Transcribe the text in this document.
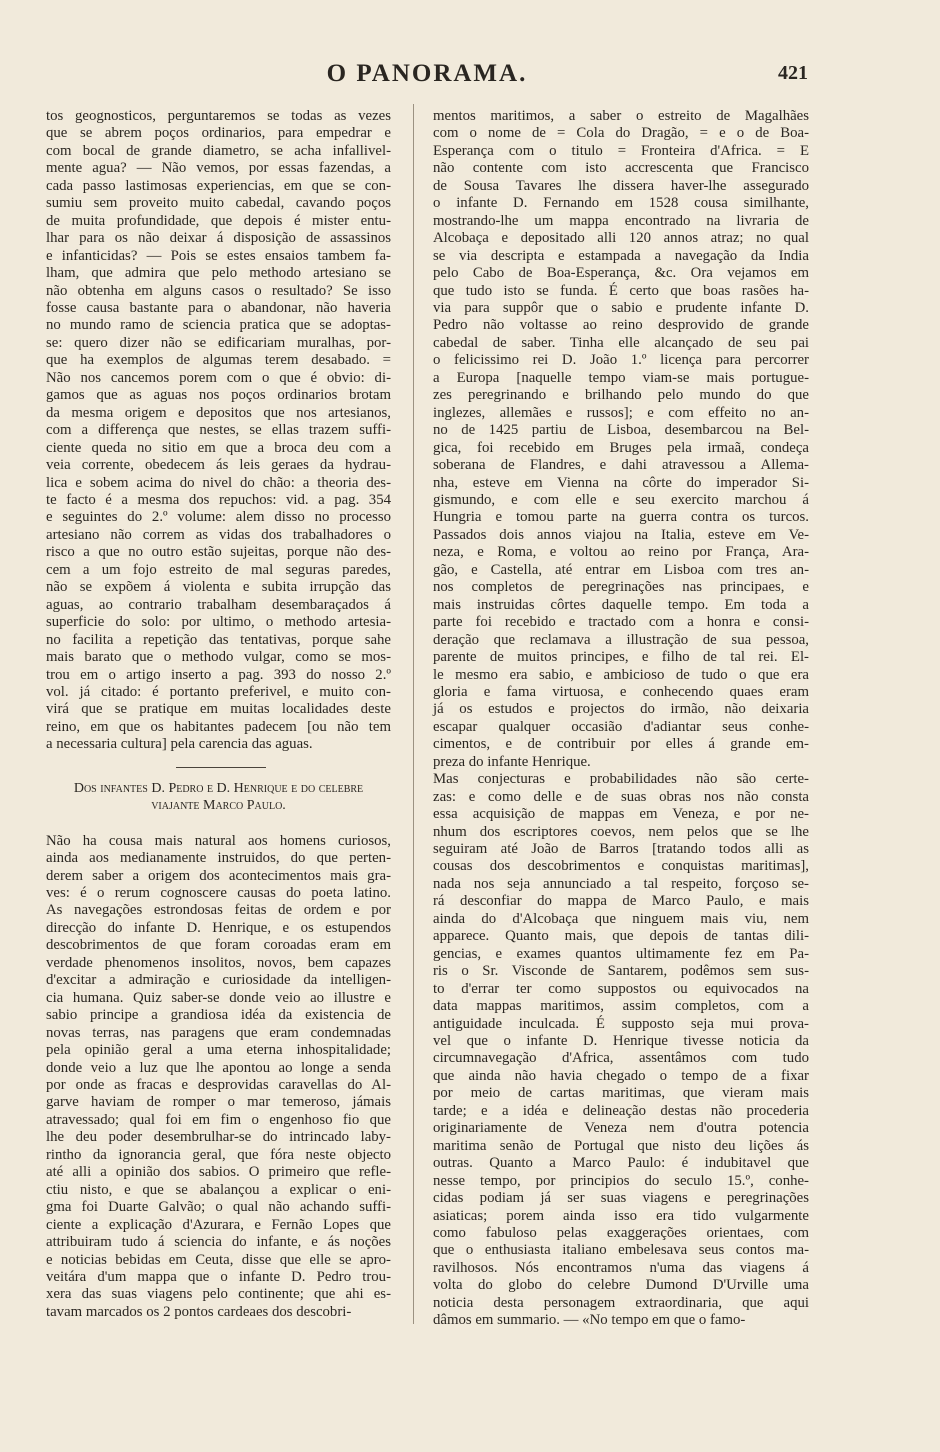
O PANORAMA.	421
tos geognosticos, perguntaremos se todas as vezes
que se abrem poços ordinarios, para empedrar e
com bocal de grande diametro, se acha infallivel-
mente agua? — Não vemos, por essas fazendas, a
cada passo lastimosas experiencias, em que se con-
sumiu sem proveito muito cabedal, cavando poços
de muita profundidade, que depois é mister entu-
lhar para os não deixar á disposição de assassinos
e infanticidas? — Pois se estes ensaios tambem fa-
lham, que admira que pelo methodo artesiano se
não obtenha em alguns casos o resultado? Se isso
fosse causa bastante para o abandonar, não haveria
no mundo ramo de sciencia pratica que se adoptas-
se: quero dizer não se edificariam muralhas, por-
que ha exemplos de algumas terem desabado. =
Não nos cancemos porem com o que é obvio: di-
gamos que as aguas nos poços ordinarios brotam
da mesma origem e depositos que nos artesianos,
com a differença que nestes, se ellas trazem suffi-
ciente queda no sitio em que a broca deu com a
veia corrente, obedecem ás leis geraes da hydrau-
lica e sobem acima do nivel do chão: a theoria des-
te facto é a mesma dos repuchos: vid. a pag. 354
e seguintes do 2.º volume: alem disso no processo
artesiano não correm as vidas dos trabalhadores o
risco a que no outro estão sujeitas, porque não des-
cem a um fojo estreito de mal seguras paredes,
não se expõem á violenta e subita irrupção das
aguas, ao contrario trabalham desembaraçados á
superficie do solo: por ultimo, o methodo artesia-
no facilita a repetição das tentativas, porque sahe
mais barato que o methodo vulgar, como se mos-
trou em o artigo inserto a pag. 393 do nosso 2.º
vol. já citado: é portanto preferivel, e muito con-
virá que se pratique em muitas localidades deste
reino, em que os habitantes padecem [ou não tem
a necessaria cultura] pela carencia das aguas.
Dos infantes D. Pedro e D. Henrique e do celebre
viajante Marco Paulo.
Não ha cousa mais natural aos homens curiosos,
ainda aos medianamente instruidos, do que perten-
derem saber a origem dos acontecimentos mais gra-
ves: é o rerum cognoscere causas do poeta latino.
As navegações estrondosas feitas de ordem e por
direcção do infante D. Henrique, e os estupendos
descobrimentos de que foram coroadas eram em
verdade phenomenos insolitos, novos, bem capazes
d'excitar a admiração e curiosidade da intelligen-
cia humana. Quiz saber-se donde veio ao illustre e
sabio principe a grandiosa idéa da existencia de
novas terras, nas paragens que eram condemnadas
pela opinião geral a uma eterna inhospitalidade;
donde veio a luz que lhe apontou ao longe a senda
por onde as fracas e desprovidas caravellas do Al-
garve haviam de romper o mar temeroso, jámais
atravessado; qual foi em fim o engenhoso fio que
lhe deu poder desembrulhar-se do intrincado laby-
rintho da ignorancia geral, que fóra neste objecto
até alli a opinião dos sabios. O primeiro que refle-
ctiu nisto, e que se abalançou a explicar o eni-
gma foi Duarte Galvão; o qual não achando suffi-
ciente a explicação d'Azurara, e Fernão Lopes que
attribuiram tudo á sciencia do infante, e ás noções
e noticias bebidas em Ceuta, disse que elle se apro-
veitára d'um mappa que o infante D. Pedro trou-
xera das suas viagens pelo continente; que ahi es-
tavam marcados os 2 pontos cardeaes dos descobri-
mentos maritimos, a saber o estreito de Magalhães
com o nome de = Cola do Dragão, = e o de Boa-
Esperança com o titulo = Fronteira d'Africa. = E
não contente com isto accrescenta que Francisco
de Sousa Tavares lhe dissera haver-lhe assegurado
o infante D. Fernando em 1528 cousa similhante,
mostrando-lhe um mappa encontrado na livraria de
Alcobaça e depositado alli 120 annos atraz; no qual
se via descripta e estampada a navegação da India
pelo Cabo de Boa-Esperança, &c. Ora vejamos em
que tudo isto se funda. É certo que boas rasões ha-
via para suppôr que o sabio e prudente infante D.
Pedro não voltasse ao reino desprovido de grande
cabedal de saber. Tinha elle alcançado de seu pai
o felicissimo rei D. João 1.º licença para percorrer
a Europa [naquelle tempo viam-se mais portugue-
zes peregrinando e brilhando pelo mundo do que
inglezes, allemães e russos]; e com effeito no an-
no de 1425 partiu de Lisboa, desembarcou na Bel-
gica, foi recebido em Bruges pela irmaã, condeça
soberana de Flandres, e dahi atravessou a Allema-
nha, esteve em Vienna na côrte do imperador Si-
gismundo, e com elle e seu exercito marchou á
Hungria e tomou parte na guerra contra os turcos.
Passados dois annos viajou na Italia, esteve em Ve-
neza, e Roma, e voltou ao reino por França, Ara-
gão, e Castella, até entrar em Lisboa com tres an-
nos completos de peregrinações nas principaes, e
mais instruidas côrtes daquelle tempo. Em toda a
parte foi recebido e tractado com a honra e consi-
deração que reclamava a illustração de sua pessoa,
parente de muitos principes, e filho de tal rei. El-
le mesmo era sabio, e ambicioso de tudo o que era
gloria e fama virtuosa, e conhecendo quaes eram
já os estudos e projectos do irmão, não deixaria
escapar qualquer occasião d'adiantar seus conhe-
cimentos, e de contribuir por elles á grande em-
preza do infante Henrique.
Mas conjecturas e probabilidades não são certe-
zas: e como delle e de suas obras nos não consta
essa acquisição de mappas em Veneza, e por ne-
nhum dos escriptores coevos, nem pelos que se lhe
seguiram até João de Barros [tratando todos alli as
cousas dos descobrimentos e conquistas maritimas],
nada nos seja annunciado a tal respeito, forçoso se-
rá desconfiar do mappa de Marco Paulo, e mais
ainda do d'Alcobaça que ninguem mais viu, nem
apparece. Quanto mais, que depois de tantas dili-
gencias, e exames quantos ultimamente fez em Pa-
ris o Sr. Visconde de Santarem, podêmos sem sus-
to d'errar ter como suppostos ou equivocados na
data mappas maritimos, assim completos, com a
antiguidade inculcada. É supposto seja mui prova-
vel que o infante D. Henrique tivesse noticia da
circumnavegação d'Africa, assentâmos com tudo
que ainda não havia chegado o tempo de a fixar
por meio de cartas maritimas, que vieram mais
tarde; e a idéa e delineação destas não procederia
originariamente de Veneza nem d'outra potencia
maritima senão de Portugal que nisto deu lições ás
outras. Quanto a Marco Paulo: é indubitavel que
nesse tempo, por principios do seculo 15.º, conhe-
cidas podiam já ser suas viagens e peregrinações
asiaticas; porem ainda isso era tido vulgarmente
como fabuloso pelas exaggerações orientaes, com
que o enthusiasta italiano embelesava seus contos ma-
ravilhosos. Nós encontramos n'uma das viagens á
volta do globo do celebre Dumond D'Urville uma
noticia desta personagem extraordinaria, que aqui
dâmos em summario. — «No tempo em que o famo-
